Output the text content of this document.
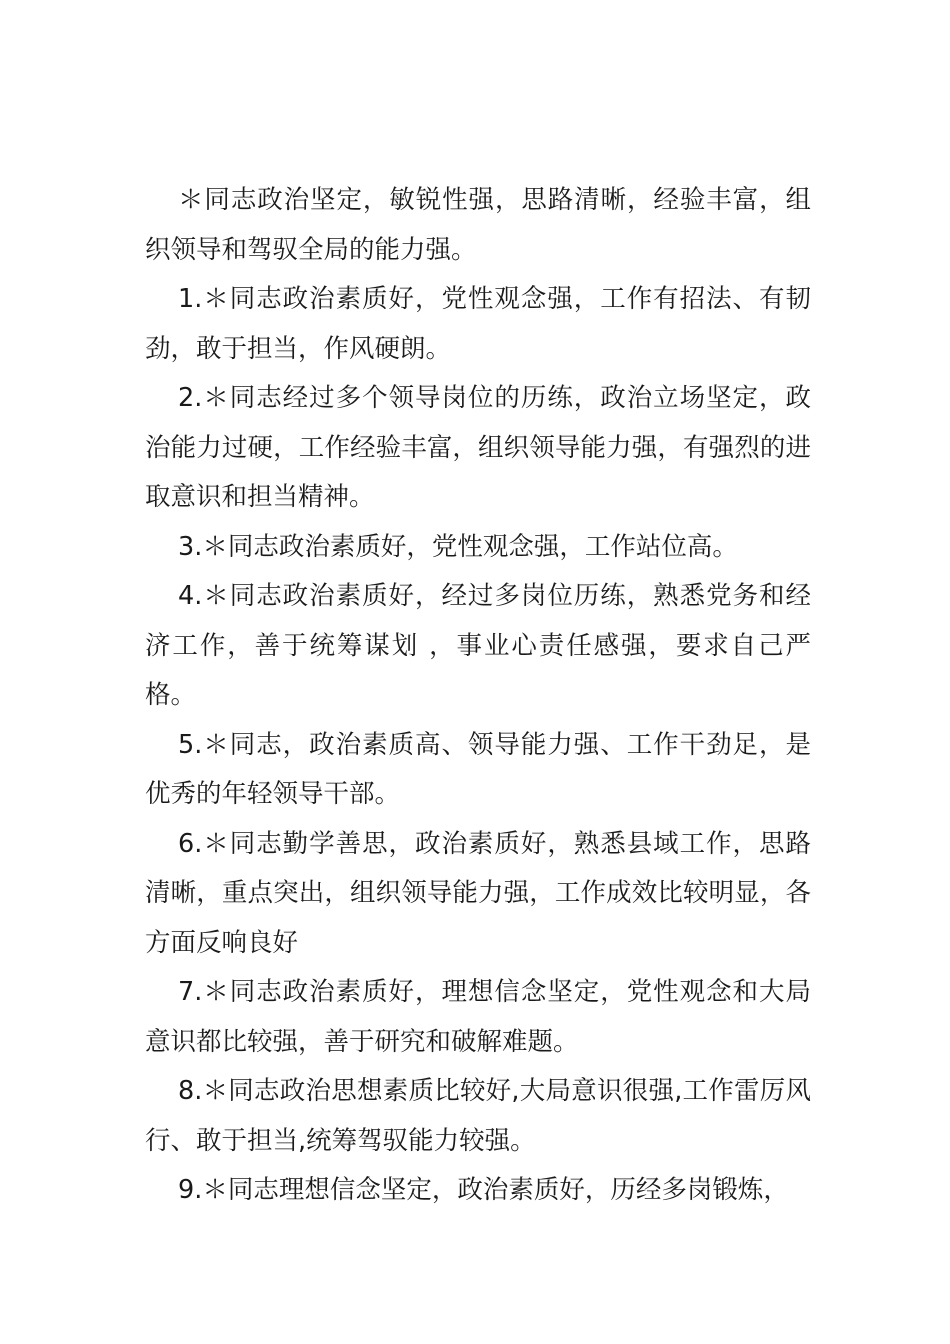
＊同志政治坚定，敏锐性强，思路清晰，经验丰富，组织领导和驾驭全局的能力强。

1.＊同志政治素质好，党性观念强，工作有招法、有韧劲，敢于担当，作风硬朗。

2.＊同志经过多个领导岗位的历练，政治立场坚定，政治能力过硬，工作经验丰富，组织领导能力强，有强烈的进取意识和担当精神。

3.＊同志政治素质好，党性观念强，工作站位高。

4.＊同志政治素质好，经过多岗位历练，熟悉党务和经济工作，善于统筹谋划 ，事业心责任感强，要求自己严格。

5.＊同志，政治素质高、领导能力强、工作干劲足，是优秀的年轻领导干部。

6.＊同志勤学善思，政治素质好，熟悉县域工作，思路清晰，重点突出，组织领导能力强，工作成效比较明显，各方面反响良好

7.＊同志政治素质好，理想信念坚定，党性观念和大局意识都比较强，善于研究和破解难题。

8.＊同志政治思想素质比较好,大局意识很强,工作雷厉风行、敢于担当,统筹驾驭能力较强。

9.＊同志理想信念坚定，政治素质好，历经多岗锻炼，
